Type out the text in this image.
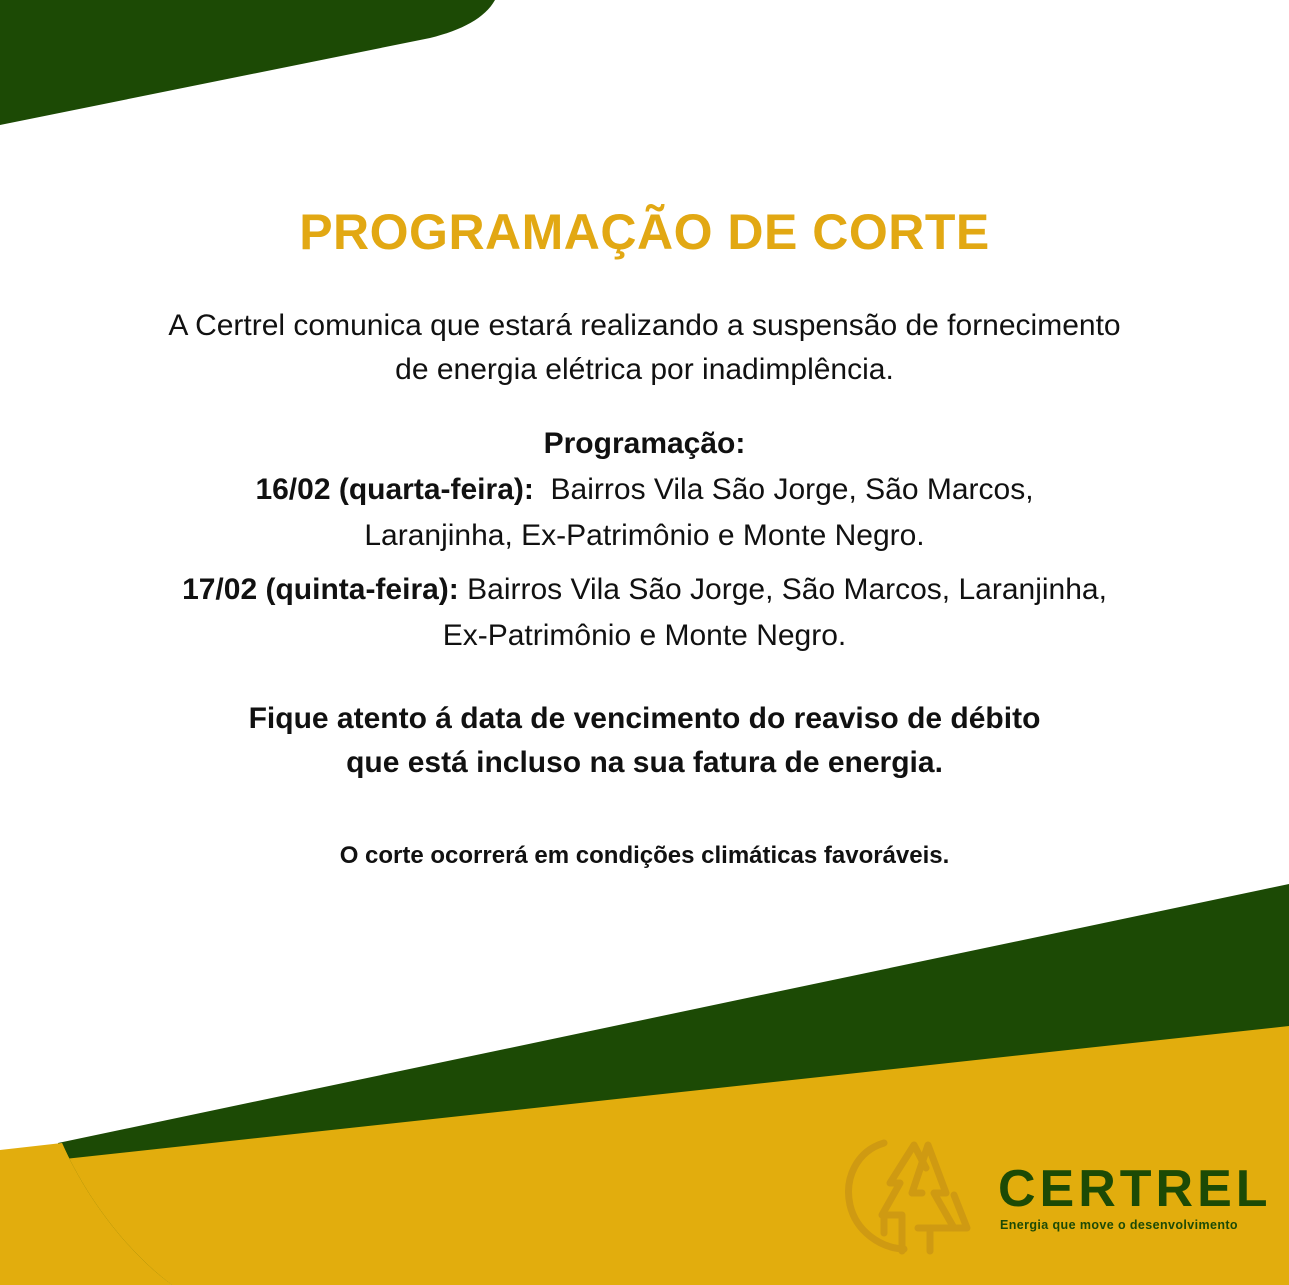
PROGRAMAÇÃO DE CORTE

A Certrel comunica que estará realizando a suspensão de fornecimento

de energia elétrica por inadimplência.

Programação:

16/02 (quarta-feira): Bairros Vila São Jorge, São Marcos,

Laranjinha, Ex-Patrimônio e Monte Negro.

17/02 (quinta-feira): Bairros Vila São Jorge, São Marcos, Laranjinha,

Ex-Patrimônio e Monte Negro.

Fique atento á data de vencimento do reaviso de débito

que está incluso na sua fatura de energia.

O corte ocorrerá em condições climáticas favoráveis.
CERTREL
Energia que move o desenvolvimento
